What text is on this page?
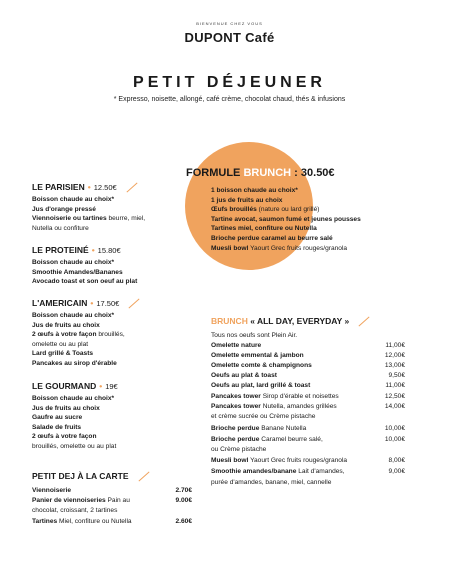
BIENVENUE CHEZ VOUS
DUPONT Café
PETIT DÉJEUNER
* Expresso, noisette, allongé, café crème, chocolat chaud, thés & infusions
LE PARISIEN • 12.50€
Boisson chaude au choix*
Jus d'orange pressé
Viennoiserie ou tartines beurre, miel,
Nutella ou confiture
LE PROTEINÉ • 15.80€
Boisson chaude au choix*
Smoothie Amandes/Bananes
Avocado toast et son oeuf au plat
L'AMERICAIN • 17.50€
Boisson chaude au choix*
Jus de fruits au choix
2 œufs à votre façon brouillés,
omelette ou au plat
Lard grillé & Toasts
Pancakes au sirop d'érable
LE GOURMAND • 19€
Boisson chaude au choix*
Jus de fruits au choix
Gaufre au sucre
Salade de fruits
2 œufs à votre façon
brouillés, omelette ou au plat
PETIT DEJ À LA CARTE
Viennoiserie	2.70€
Panier de viennoiseries Pain au	9.00€
chocolat, croissant, 2 tartines
Tartines Miel, confiture ou Nutella	2.60€
FORMULE BRUNCH : 30.50€
1 boisson chaude au choix*
1 jus de fruits au choix
Œufs brouillés (nature ou lard grillé)
Tartine avocat, saumon fumé et jeunes pousses
Tartines miel, confiture ou Nutella
Brioche perdue caramel au beurre salé
Muesli bowl Yaourt Grec fruits rouges/granola
BRUNCH « ALL DAY, EVERYDAY »
Tous nos oeufs sont Plein Air.
Omelette nature	11,00€
Omelette emmental & jambon	12,00€
Omelette comte & champignons	13,00€
Oeufs au plat & toast	9,50€
Oeufs au plat, lard grillé & toast	11,00€
Pancakes tower Sirop d'érable et noisettes	12,50€
Pancakes tower Nutella, amandes grillées	14,00€
et crème sucrée ou Crème pistache
Brioche perdue Banane Nutella	10,00€
Brioche perdue Caramel beurre salé,	10,00€
ou Crème pistache
Muesli bowl Yaourt Grec fruits rouges/granola	8,00€
Smoothie amandes/banane Lait d'amandes,	9,00€
purée d'amandes, banane, miel, cannelle
